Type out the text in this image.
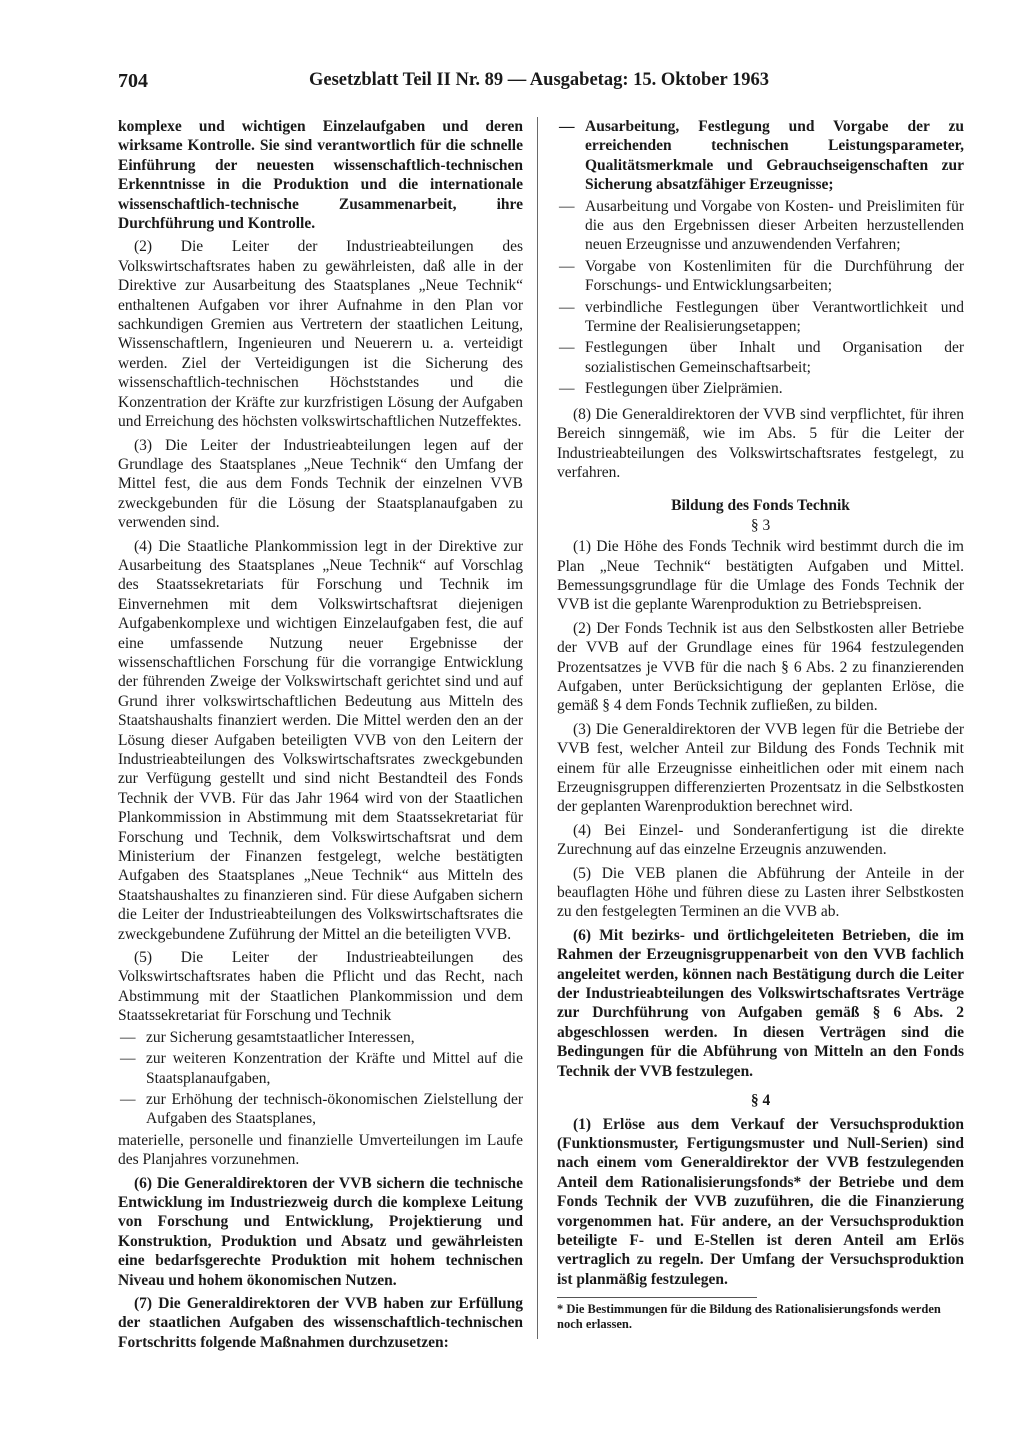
704	Gesetzblatt Teil II Nr. 89 — Ausgabetag: 15. Oktober 1963

komplexe und wichtigen Einzelaufgaben und deren wirksame Kontrolle. Sie sind verantwortlich für die schnelle Einführung der neuesten wissenschaftlich-technischen Erkenntnisse in die Produktion und die internationale wissenschaftlich-technische Zusammenarbeit, ihre Durchführung und Kontrolle.

(2) Die Leiter der Industrieabteilungen des Volkswirtschaftsrates haben zu gewährleisten, daß alle in der Direktive zur Ausarbeitung des Staatsplanes „Neue Technik“ enthaltenen Aufgaben vor ihrer Aufnahme in den Plan vor sachkundigen Gremien aus Vertretern der staatlichen Leitung, Wissenschaftlern, Ingenieuren und Neuerern u. a. verteidigt werden. Ziel der Verteidigungen ist die Sicherung des wissenschaftlich-technischen Höchststandes und die Konzentration der Kräfte zur kurzfristigen Lösung der Aufgaben und Erreichung des höchsten volkswirtschaftlichen Nutzeffektes.

(3) Die Leiter der Industrieabteilungen legen auf der Grundlage des Staatsplanes „Neue Technik“ den Umfang der Mittel fest, die aus dem Fonds Technik der einzelnen VVB zweckgebunden für die Lösung der Staatsplanaufgaben zu verwenden sind.

(4) Die Staatliche Plankommission legt in der Direktive zur Ausarbeitung des Staatsplanes „Neue Technik“ auf Vorschlag des Staatssekretariats für Forschung und Technik im Einvernehmen mit dem Volkswirtschaftsrat diejenigen Aufgabenkomplexe und wichtigen Einzelaufgaben fest, die auf eine umfassende Nutzung neuer Ergebnisse der wissenschaftlichen Forschung für die vorrangige Entwicklung der führenden Zweige der Volkswirtschaft gerichtet sind und auf Grund ihrer volkswirtschaftlichen Bedeutung aus Mitteln des Staatshaushalts finanziert werden. Die Mittel werden den an der Lösung dieser Aufgaben beteiligten VVB von den Leitern der Industrieabteilungen des Volkswirtschaftsrates zweckgebunden zur Verfügung gestellt und sind nicht Bestandteil des Fonds Technik der VVB. Für das Jahr 1964 wird von der Staatlichen Plankommission in Abstimmung mit dem Staatssekretariat für Forschung und Technik, dem Volkswirtschaftsrat und dem Ministerium der Finanzen festgelegt, welche bestätigten Aufgaben des Staatsplanes „Neue Technik“ aus Mitteln des Staatshaushaltes zu finanzieren sind. Für diese Aufgaben sichern die Leiter der Industrieabteilungen des Volkswirtschaftsrates die zweckgebundene Zuführung der Mittel an die beteiligten VVB.

(5) Die Leiter der Industrieabteilungen des Volkswirtschaftsrates haben die Pflicht und das Recht, nach Abstimmung mit der Staatlichen Plankommission und dem Staatssekretariat für Forschung und Technik

— zur Sicherung gesamtstaatlicher Interessen,
— zur weiteren Konzentration der Kräfte und Mittel auf die Staatsplanaufgaben,
— zur Erhöhung der technisch-ökonomischen Zielstellung der Aufgaben des Staatsplanes,

materielle, personelle und finanzielle Umverteilungen im Laufe des Planjahres vorzunehmen.

(6) Die Generaldirektoren der VVB sichern die technische Entwicklung im Industriezweig durch die komplexe Leitung von Forschung und Entwicklung, Projektierung und Konstruktion, Produktion und Absatz und gewährleisten eine bedarfsgerechte Produktion mit hohem technischen Niveau und hohem ökonomischen Nutzen.

(7) Die Generaldirektoren der VVB haben zur Erfüllung der staatlichen Aufgaben des wissenschaftlich-technischen Fortschritts folgende Maßnahmen durchzusetzen:

— Ausarbeitung, Festlegung und Vorgabe der zu erreichenden technischen Leistungsparameter, Qualitätsmerkmale und Gebrauchseigenschaften zur Sicherung absatzfähiger Erzeugnisse;
— Ausarbeitung und Vorgabe von Kosten- und Preislimiten für die aus den Ergebnissen dieser Arbeiten herzustellenden neuen Erzeugnisse und anzuwendenden Verfahren;
— Vorgabe von Kostenlimiten für die Durchführung der Forschungs- und Entwicklungsarbeiten;
— verbindliche Festlegungen über Verantwortlichkeit und Termine der Realisierungsetappen;
— Festlegungen über Inhalt und Organisation der sozialistischen Gemeinschaftsarbeit;
— Festlegungen über Zielprämien.

(8) Die Generaldirektoren der VVB sind verpflichtet, für ihren Bereich sinngemäß, wie im Abs. 5 für die Leiter der Industrieabteilungen des Volkswirtschaftsrates festgelegt, zu verfahren.

Bildung des Fonds Technik
§ 3

(1) Die Höhe des Fonds Technik wird bestimmt durch die im Plan „Neue Technik“ bestätigten Aufgaben und Mittel. Bemessungsgrundlage für die Umlage des Fonds Technik der VVB ist die geplante Warenproduktion zu Betriebspreisen.

(2) Der Fonds Technik ist aus den Selbstkosten aller Betriebe der VVB auf der Grundlage eines für 1964 festzulegenden Prozentsatzes je VVB für die nach § 6 Abs. 2 zu finanzierenden Aufgaben, unter Berücksichtigung der geplanten Erlöse, die gemäß § 4 dem Fonds Technik zufließen, zu bilden.

(3) Die Generaldirektoren der VVB legen für die Betriebe der VVB fest, welcher Anteil zur Bildung des Fonds Technik mit einem für alle Erzeugnisse einheitlichen oder mit einem nach Erzeugnisgruppen differenzierten Prozentsatz in die Selbstkosten der geplanten Warenproduktion berechnet wird.

(4) Bei Einzel- und Sonderanfertigung ist die direkte Zurechnung auf das einzelne Erzeugnis anzuwenden.

(5) Die VEB planen die Abführung der Anteile in der beauflagten Höhe und führen diese zu Lasten ihrer Selbstkosten zu den festgelegten Terminen an die VVB ab.

(6) Mit bezirks- und örtlichgeleiteten Betrieben, die im Rahmen der Erzeugnisgruppenarbeit von den VVB fachlich angeleitet werden, können nach Bestätigung durch die Leiter der Industrieabteilungen des Volkswirtschaftsrates Verträge zur Durchführung von Aufgaben gemäß § 6 Abs. 2 abgeschlossen werden. In diesen Verträgen sind die Bedingungen für die Abführung von Mitteln an den Fonds Technik der VVB festzulegen.

§ 4

(1) Erlöse aus dem Verkauf der Versuchsproduktion (Funktionsmuster, Fertigungsmuster und Null-Serien) sind nach einem vom Generaldirektor der VVB festzulegenden Anteil dem Rationalisierungsfonds* der Betriebe und dem Fonds Technik der VVB zuzuführen, die die Finanzierung vorgenommen hat. Für andere, an der Versuchsproduktion beteiligte F- und E-Stellen ist deren Anteil am Erlös vertraglich zu regeln. Der Umfang der Versuchsproduktion ist planmäßig festzulegen.

* Die Bestimmungen für die Bildung des Rationalisierungsfonds werden noch erlassen.
